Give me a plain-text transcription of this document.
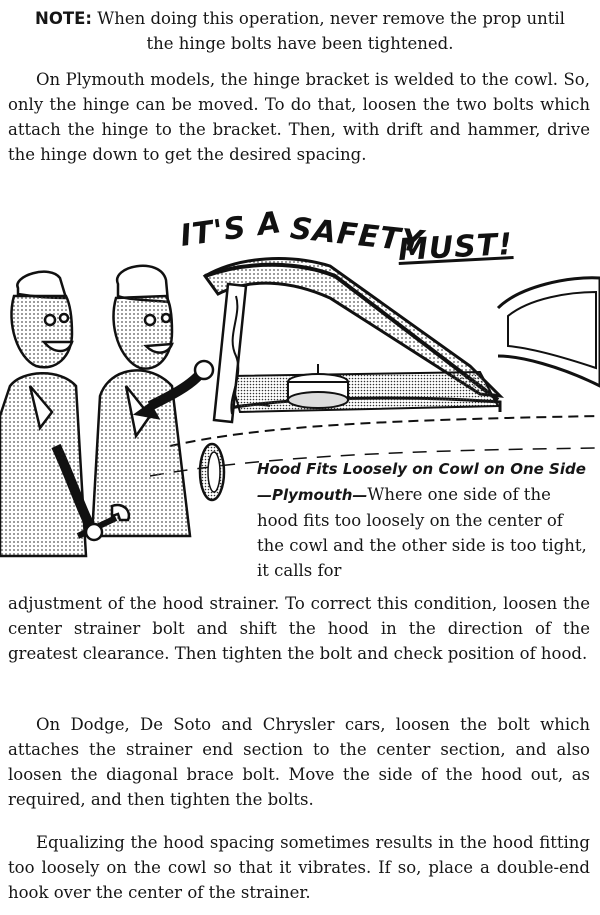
NOTE: When doing this operation, never remove the prop until the hinge bolts have been tightened.
On Plymouth models, the hinge bracket is welded to the cowl. So, only the hinge can be moved. To do that, loosen the two bolts which attach the hinge to the bracket. Then, with drift and hammer, drive the hinge down to get the desired spacing.
IT'S A SAFETY
MUST!
Hood Fits Loosely on Cowl on One Side—Plymouth—Where one side of the hood fits too loosely on the center of the cowl and the other side is too tight, it calls for
adjustment of the hood strainer. To correct this condition, loosen the center strainer bolt and shift the hood in the direction of the greatest clearance. Then tighten the bolt and check position of hood.
On Dodge, De Soto and Chrysler cars, loosen the bolt which attaches the strainer end section to the center section, and also loosen the diagonal brace bolt. Move the side of the hood out, as required, and then tighten the bolts.
Equalizing the hood spacing sometimes results in the hood fitting too loosely on the cowl so that it vibrates. If so, place a double-end hook over the center of the strainer.
